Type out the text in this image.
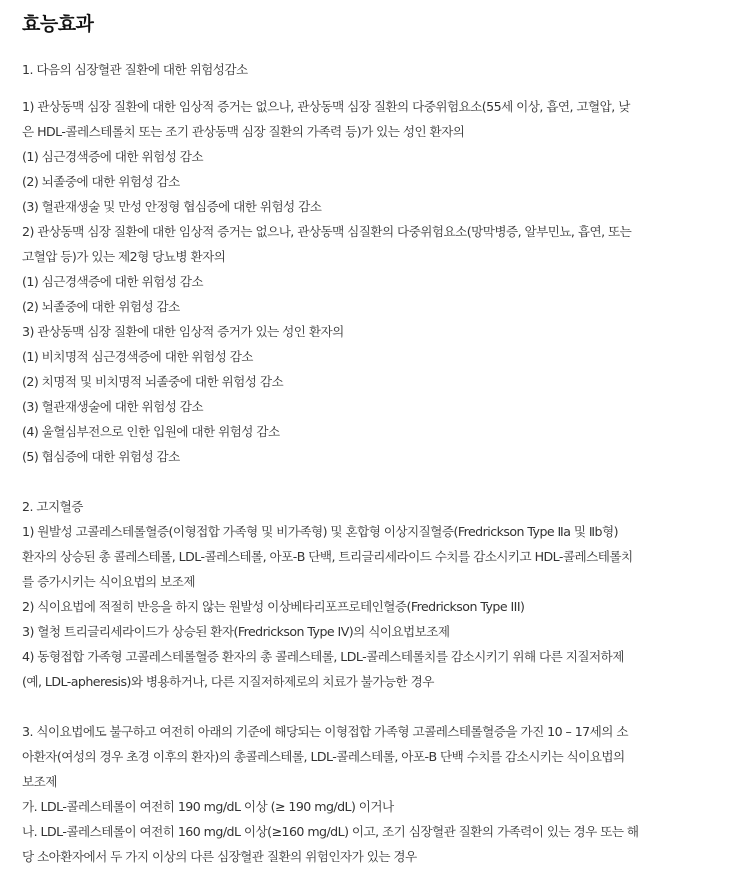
효능효과

1. 다음의 심장혈관 질환에 대한 위험성감소

1) 관상동맥 심장 질환에 대한 임상적 증거는 없으나, 관상동맥 심장 질환의 다중위험요소(55세 이상, 흡연, 고혈압, 낮

은 HDL-콜레스테롤치 또는 조기 관상동맥 심장 질환의 가족력 등)가 있는 성인 환자의

(1) 심근경색증에 대한 위험성 감소

(2) 뇌졸중에 대한 위험성 감소

(3) 혈관재생술 및 만성 안정형 협심증에 대한 위험성 감소

2) 관상동맥 심장 질환에 대한 임상적 증거는 없으나, 관상동맥 심질환의 다중위험요소(망막병증, 알부민뇨, 흡연, 또는

고혈압 등)가 있는 제2형 당뇨병 환자의

(1) 심근경색증에 대한 위험성 감소

(2) 뇌졸중에 대한 위험성 감소

3) 관상동맥 심장 질환에 대한 임상적 증거가 있는 성인 환자의

(1) 비치명적 심근경색증에 대한 위험성 감소

(2) 치명적 및 비치명적 뇌졸중에 대한 위험성 감소

(3) 혈관재생술에 대한 위험성 감소

(4) 울혈심부전으로 인한 입원에 대한 위험성 감소

(5) 협심증에 대한 위험성 감소

2. 고지혈증

1) 원발성 고콜레스테롤혈증(이형접합 가족형 및 비가족형) 및 혼합형 이상지질혈증(Fredrickson Type Ⅱa 및 Ⅱb형)

환자의 상승된 총 콜레스테롤, LDL-콜레스테롤, 아포-B 단백, 트리글리세라이드 수치를 감소시키고 HDL-콜레스테롤치

를 증가시키는 식이요법의 보조제

2) 식이요법에 적절히 반응을 하지 않는 원발성 이상베타리포프로테인혈증(Fredrickson Type III)

3) 혈청 트리글리세라이드가 상승된 환자(Fredrickson Type IV)의 식이요법보조제

4) 동형접합 가족형 고콜레스테롤혈증 환자의 총 콜레스테롤, LDL-콜레스테롤치를 감소시키기 위해 다른 지질저하제

(예, LDL-apheresis)와 병용하거나, 다른 지질저하제로의 치료가 불가능한 경우

3. 식이요법에도 불구하고 여전히 아래의 기준에 해당되는 이형접합 가족형 고콜레스테롤혈증을 가진 10 – 17세의 소

아환자(여성의 경우 초경 이후의 환자)의 총콜레스테롤, LDL-콜레스테롤, 아포-B 단백 수치를 감소시키는 식이요법의

보조제

가. LDL-콜레스테롤이 여전히 190 mg/dL 이상 (≥ 190 mg/dL) 이거나

나. LDL-콜레스테롤이 여전히 160 mg/dL 이상(≥160 mg/dL) 이고, 조기 심장혈관 질환의 가족력이 있는 경우 또는 해

당 소아환자에서 두 가지 이상의 다른 심장혈관 질환의 위험인자가 있는 경우
